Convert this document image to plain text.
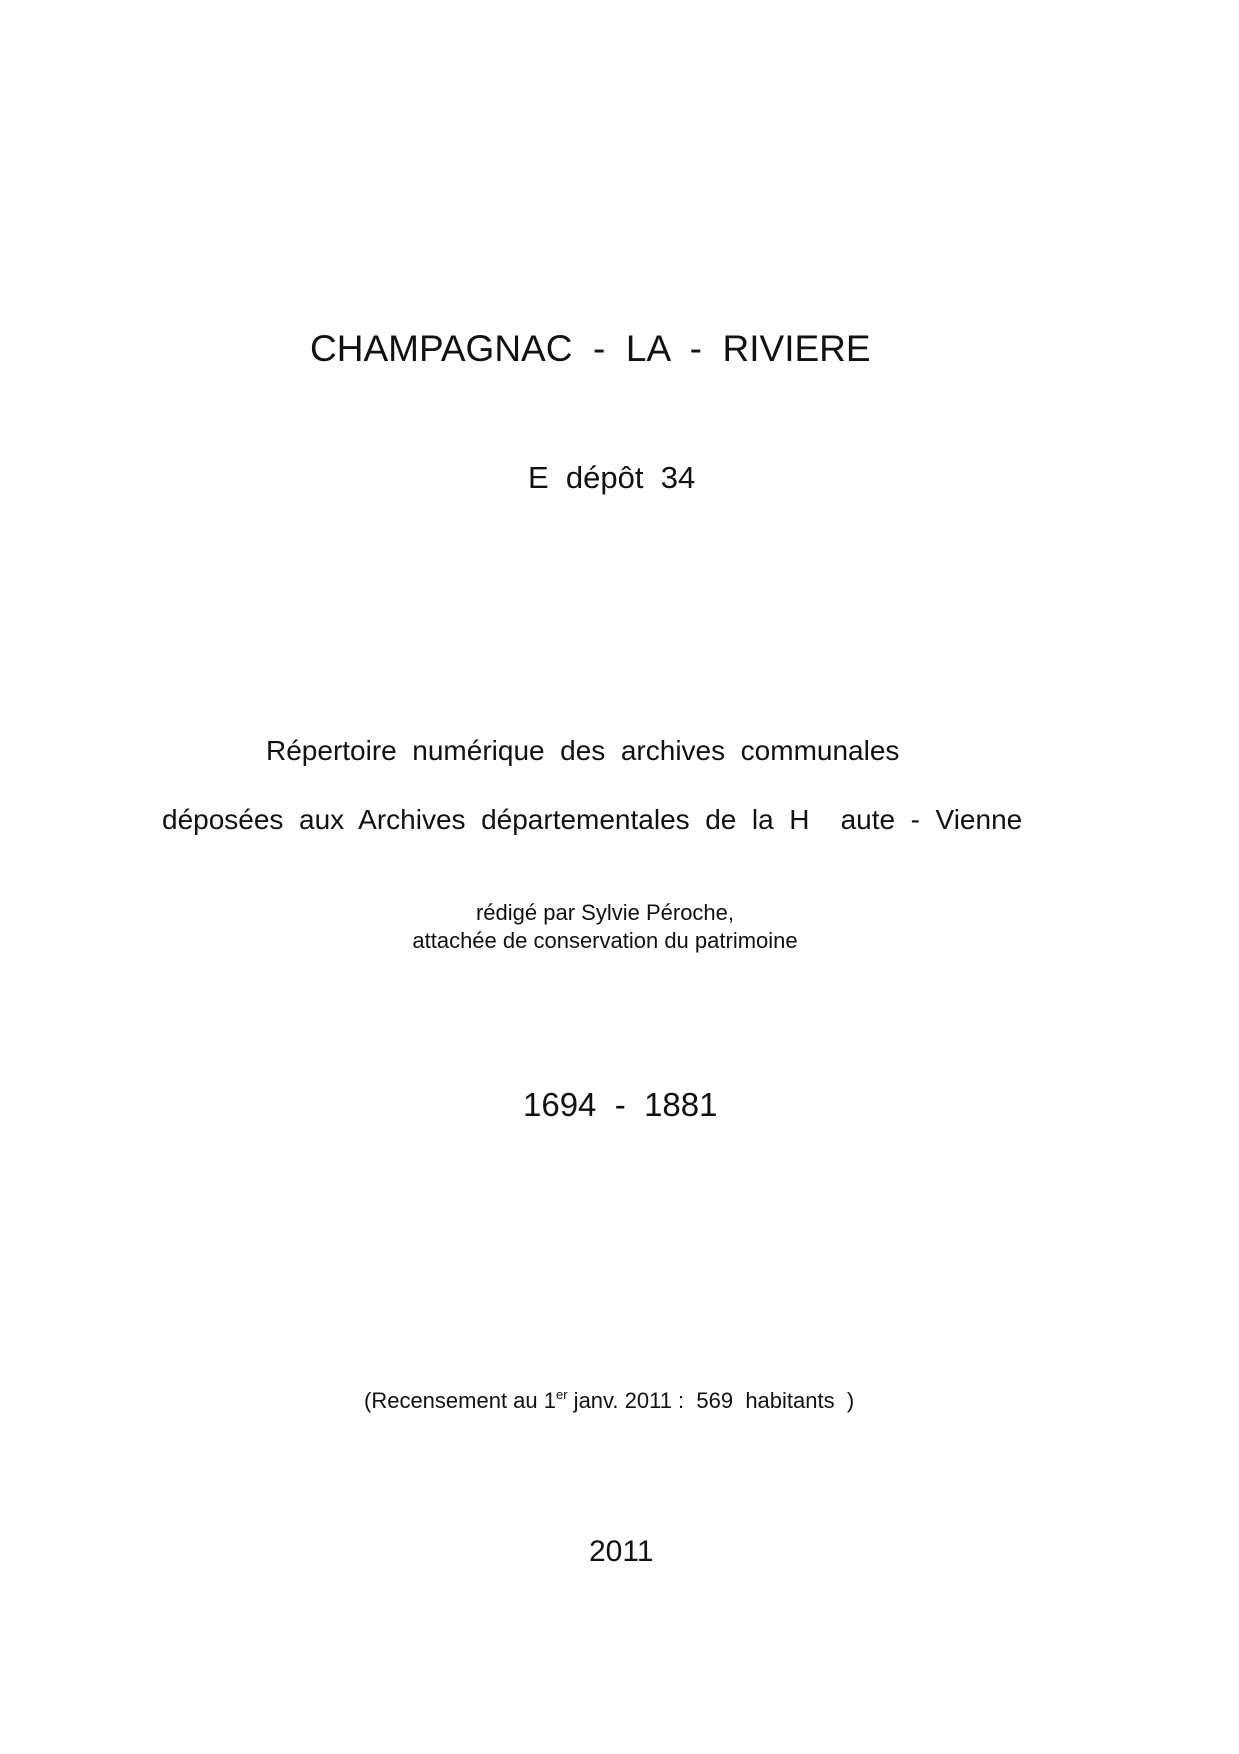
CHAMPAGNAC  -  LA  -  RIVIERE
E  dépôt  34
Répertoire  numérique  des  archives  communales
déposées  aux  Archives  départementales  de  la  H    aute  -  Vienne
rédigé par Sylvie Péroche,
attachée de conservation du patrimoine
1694  -  1881
(Recensement au 1er janv. 2011 :  569  habitants  )
2011
